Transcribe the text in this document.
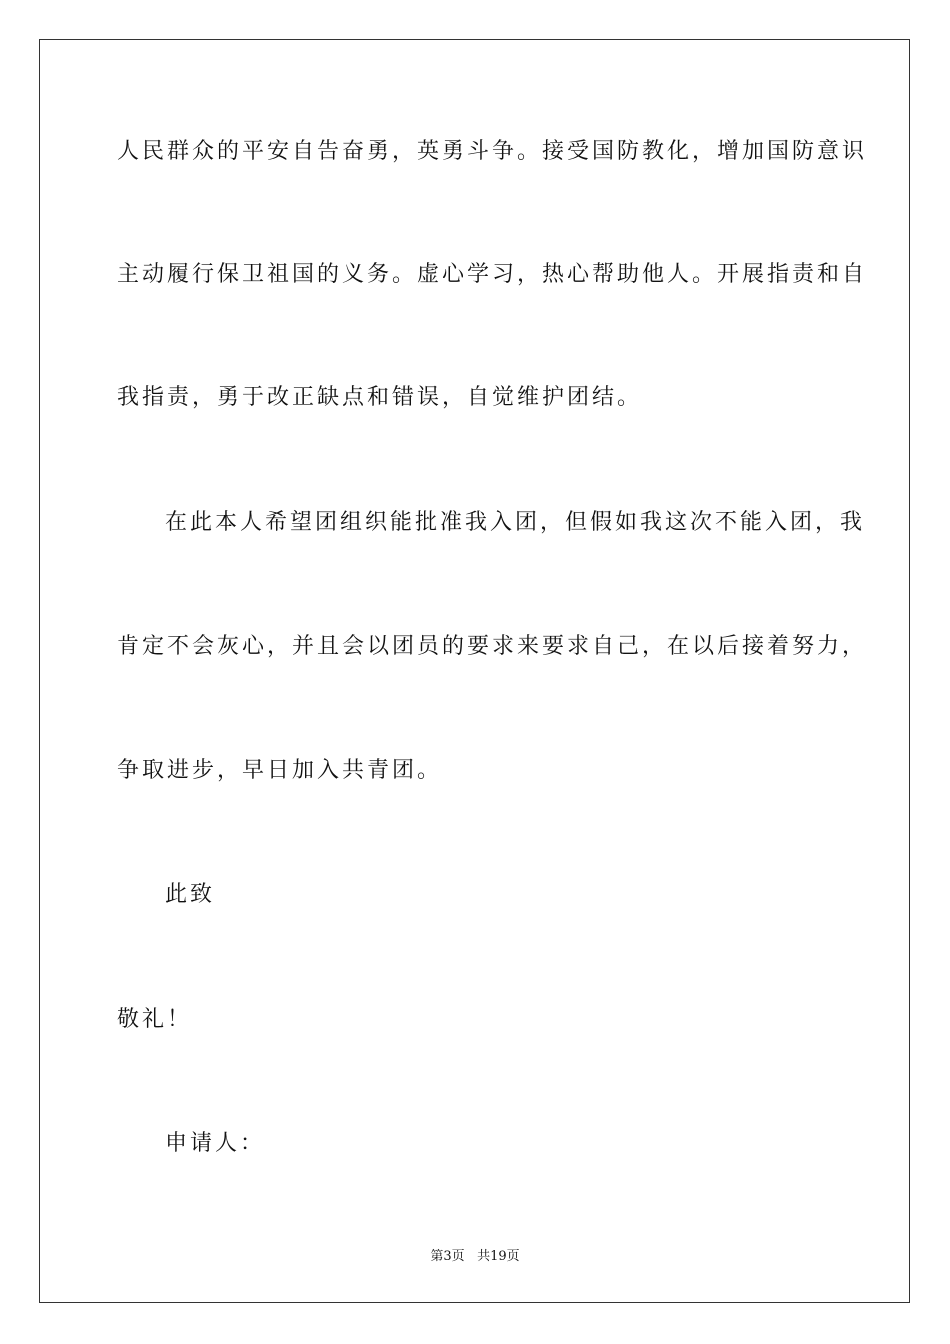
人民群众的平安自告奋勇，英勇斗争。接受国防教化，增加国防意识
主动履行保卫祖国的义务。虚心学习，热心帮助他人。开展指责和自
我指责，勇于改正缺点和错误，自觉维护团结。
在此本人希望团组织能批准我入团，但假如我这次不能入团，我
肯定不会灰心，并且会以团员的要求来要求自己，在以后接着努力，
争取进步，早日加入共青团。
此致
敬礼！
申请人：
第3页 共19页
